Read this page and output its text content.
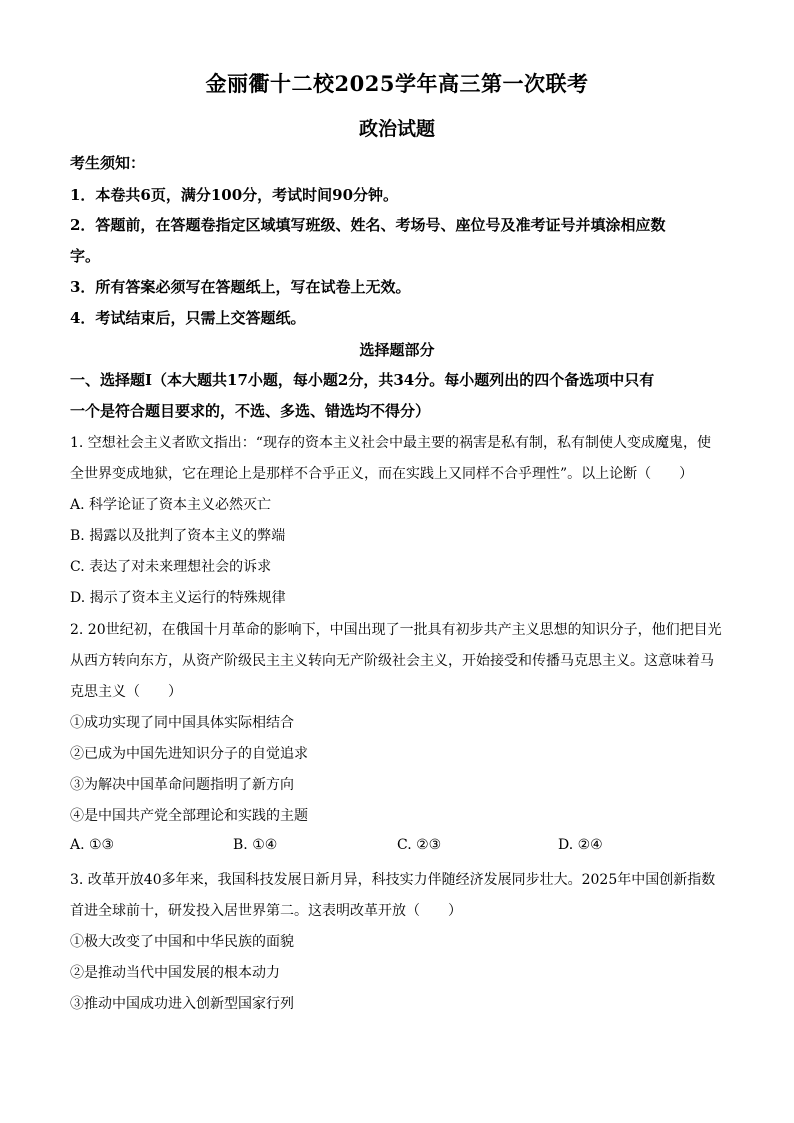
金丽衢十二校2025学年高三第一次联考
政治试题
考生须知：
1．本卷共6页，满分100分，考试时间90分钟。
2．答题前，在答题卷指定区域填写班级、姓名、考场号、座位号及准考证号并填涂相应数
字。
3．所有答案必须写在答题纸上，写在试卷上无效。
4．考试结束后，只需上交答题纸。
选择题部分
一、选择题Ⅰ（本大题共17小题，每小题2分，共34分。每小题列出的四个备选项中只有
一个是符合题目要求的，不选、多选、错选均不得分）
1. 空想社会主义者欧文指出：“现存的资本主义社会中最主要的祸害是私有制，私有制使人变成魔鬼，使
全世界变成地狱，它在理论上是那样不合乎正义，而在实践上又同样不合乎理性”。以上论断（　　）
A. 科学论证了资本主义必然灭亡
B. 揭露以及批判了资本主义的弊端
C. 表达了对未来理想社会的诉求
D. 揭示了资本主义运行的特殊规律
2. 20世纪初，在俄国十月革命的影响下，中国出现了一批具有初步共产主义思想的知识分子，他们把目光
从西方转向东方，从资产阶级民主主义转向无产阶级社会主义，开始接受和传播马克思主义。这意味着马
克思主义（　　）
①成功实现了同中国具体实际相结合
②已成为中国先进知识分子的自觉追求
③为解决中国革命问题指明了新方向
④是中国共产党全部理论和实践的主题
A. ①③	B. ①④	C. ②③	D. ②④
3. 改革开放40多年来，我国科技发展日新月异，科技实力伴随经济发展同步壮大。2025年中国创新指数
首进全球前十，研发投入居世界第二。这表明改革开放（　　）
①极大改变了中国和中华民族的面貌
②是推动当代中国发展的根本动力
③推动中国成功进入创新型国家行列
